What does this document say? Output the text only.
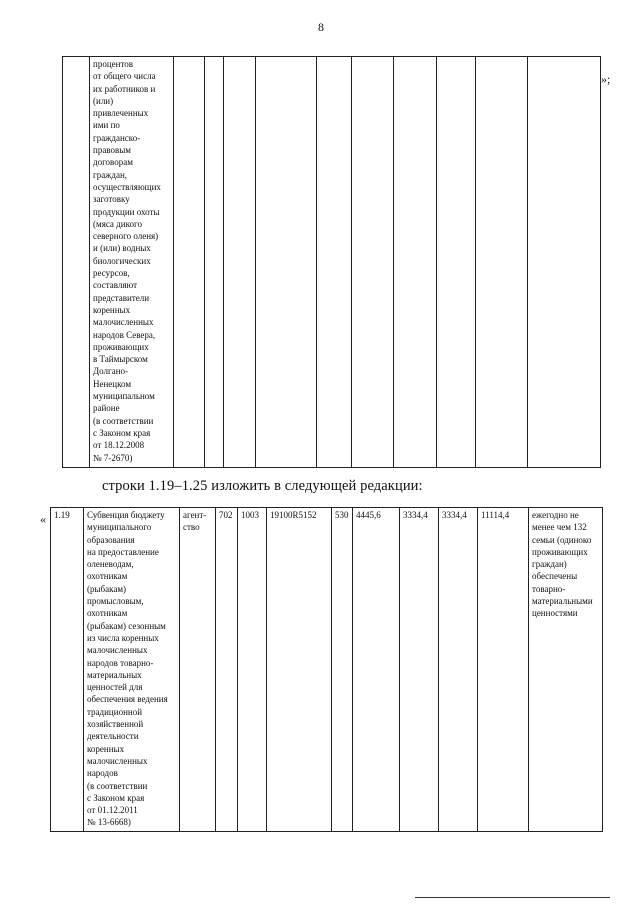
8
	процентов
от общего числа
их работников и
(или)
привлеченных
ими по
гражданско-
правовым
договорам
граждан,
осуществляющих
заготовку
продукции охоты
(мяса дикого
северного оленя)
и (или) водных
биологических
ресурсов,
составляют
представители
коренных
малочисленных
народов Севера,
проживающих
в Таймырском
Долгано-
Ненецком
муниципальном
районе
(в соответствии
с Законом края
от 18.12.2008
№ 7-2670)										
»;
строки 1.19–1.25 изложить в следующей редакции:
« 1.19	Субвенция бюджету
муниципального
образования
на предоставление
оленеводам,
охотникам
(рыбакам)
промысловым,
охотникам
(рыбакам) сезонным
из числа коренных
малочисленных
народов товарно-
материальных
ценностей для
обеспечения ведения
традиционной
хозяйственной
деятельности
коренных
малочисленных
народов
(в соответствии
с Законом края
от 01.12.2011
№ 13-6668)	агент-
ство	702	1003	19100R5152	530	4445,6	3334,4	3334,4	11114,4	ежегодно не
менее чем 132
семьи (одиноко
проживающих
граждан)
обеспечены
товарно-
материальными
ценностями
